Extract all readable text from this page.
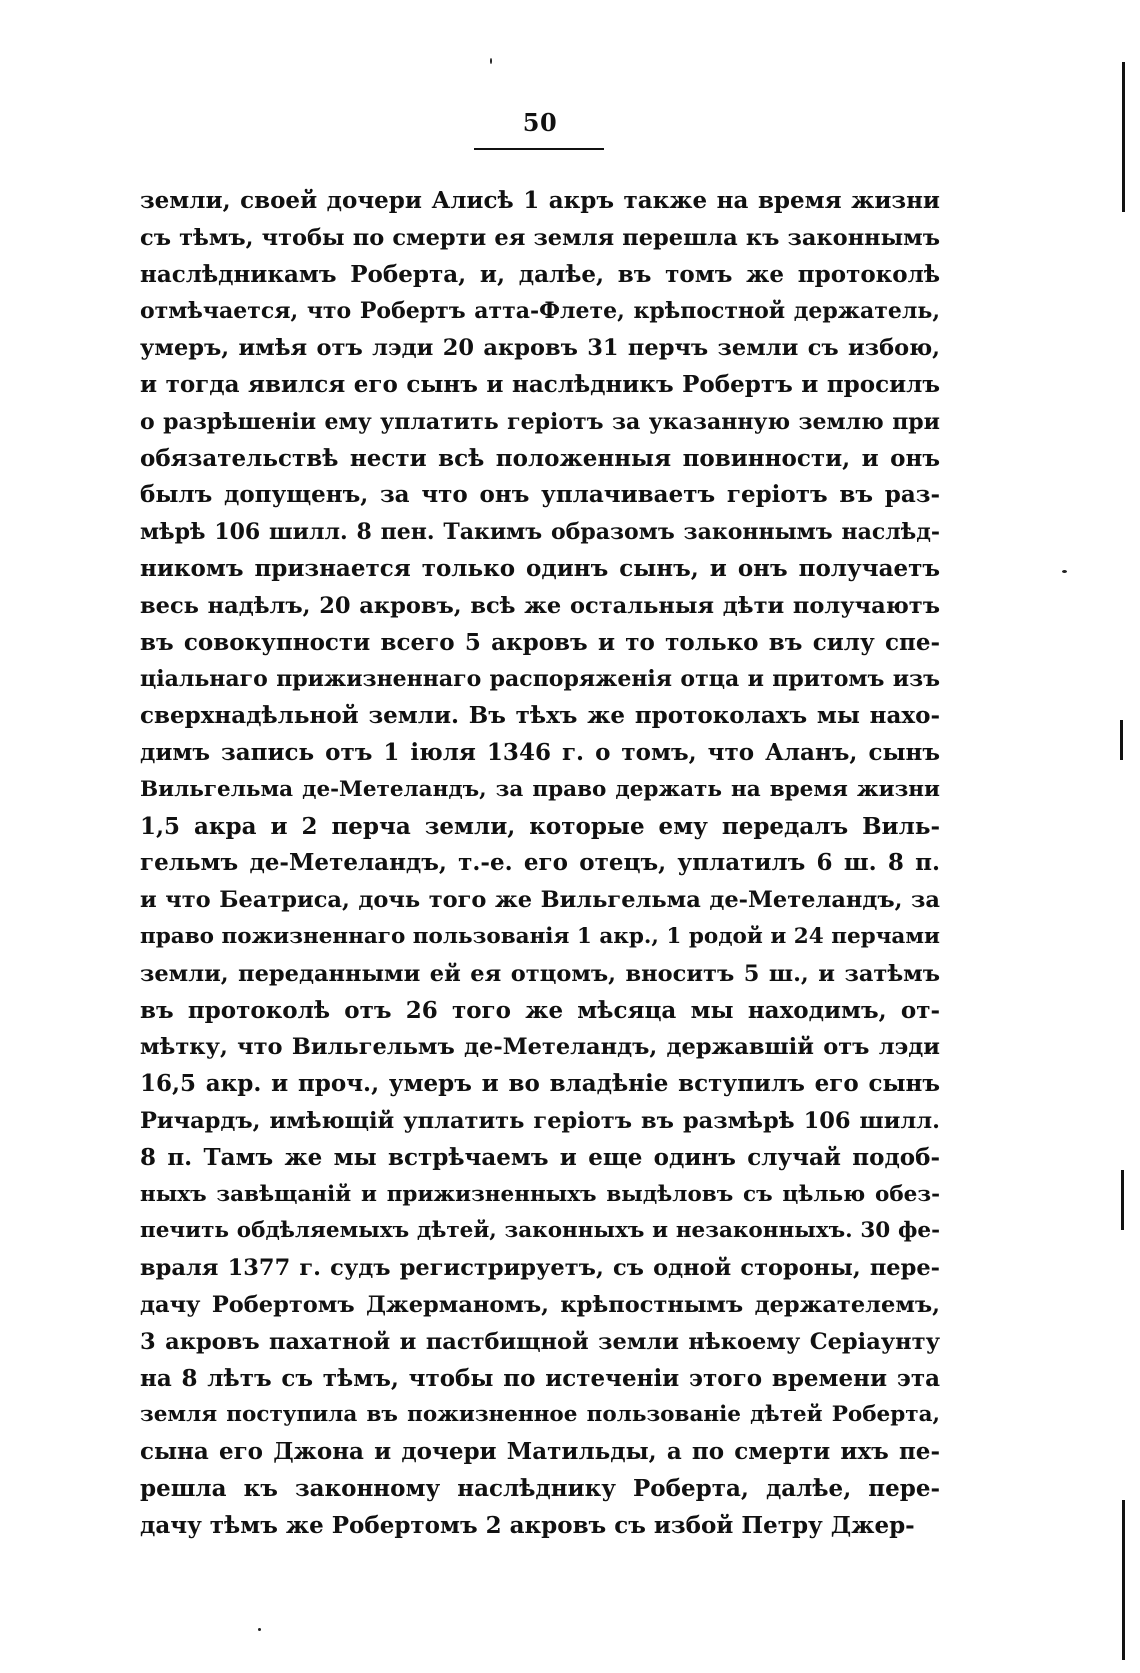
50
земли, своей дочери Алисѣ 1 акръ также на время жизни
съ тѣмъ, чтобы по смерти ея земля перешла къ законнымъ
наслѣдникамъ Роберта, и, далѣе, въ томъ же протоколѣ
отмѣчается, что Робертъ атта-Флете, крѣпостной держатель,
умеръ, имѣя отъ лэди 20 акровъ 31 перчъ земли съ избою,
и тогда явился его сынъ и наслѣдникъ Робертъ и просилъ
о разрѣшеніи ему уплатить геріотъ за указанную землю при
обязательствѣ нести всѣ положенныя повинности, и онъ
былъ допущенъ, за что онъ уплачиваетъ геріотъ въ раз-
мѣрѣ 106 шилл. 8 пен. Такимъ образомъ законнымъ наслѣд-
никомъ признается только одинъ сынъ, и онъ получаетъ
весь надѣлъ, 20 акровъ, всѣ же остальныя дѣти получаютъ
въ совокупности всего 5 акровъ и то только въ силу спе-
ціальнаго прижизненнаго распоряженія отца и притомъ изъ
сверхнадѣльной земли. Въ тѣхъ же протоколахъ мы нахо-
димъ запись отъ 1 іюля 1346 г. о томъ, что Аланъ, сынъ
Вильгельма де-Метеландъ, за право держать на время жизни
1,5 акра и 2 перча земли, которые ему передалъ Виль-
гельмъ де-Метеландъ, т.-е. его отецъ, уплатилъ 6 ш. 8 п.
и что Беатриса, дочь того же Вильгельма де-Метеландъ, за
право пожизненнаго пользованія 1 акр., 1 родой и 24 перчами
земли, переданными ей ея отцомъ, вноситъ 5 ш., и затѣмъ
въ протоколѣ отъ 26 того же мѣсяца мы находимъ, от-
мѣтку, что Вильгельмъ де-Метеландъ, державшій отъ лэди
16,5 акр. и проч., умеръ и во владѣніе вступилъ его сынъ
Ричардъ, имѣющій уплатить геріотъ въ размѣрѣ 106 шилл.
8 п. Тамъ же мы встрѣчаемъ и еще одинъ случай подоб-
ныхъ завѣщаній и прижизненныхъ выдѣловъ съ цѣлью обез-
печить обдѣляемыхъ дѣтей, законныхъ и незаконныхъ. 30 фе-
враля 1377 г. судъ регистрируетъ, съ одной стороны, пере-
дачу Робертомъ Джерманомъ, крѣпостнымъ держателемъ,
3 акровъ пахатной и пастбищной земли нѣкоему Серіаунту
на 8 лѣтъ съ тѣмъ, чтобы по истеченіи этого времени эта
земля поступила въ пожизненное пользованіе дѣтей Роберта,
сына его Джона и дочери Матильды, а по смерти ихъ пе-
решла къ законному наслѣднику Роберта, далѣе, пере-
дачу тѣмъ же Робертомъ 2 акровъ съ избой Петру Джер-
